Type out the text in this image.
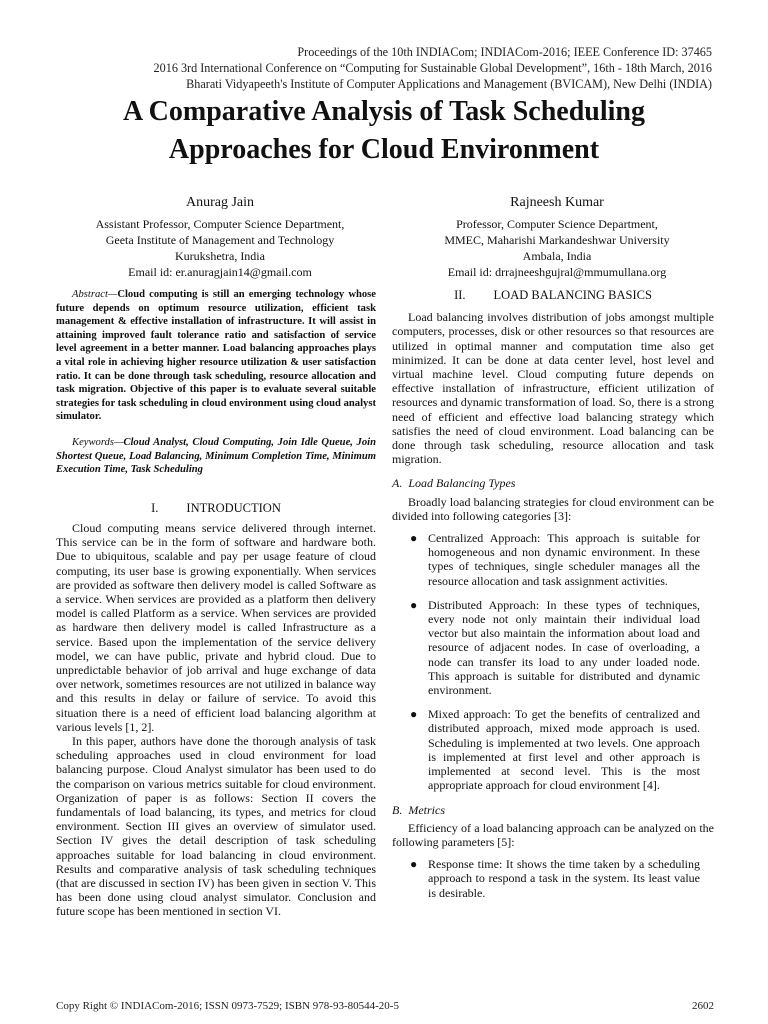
Proceedings of the 10th INDIACom; INDIACom-2016; IEEE Conference ID: 37465
2016 3rd International Conference on “Computing for Sustainable Global Development”, 16th - 18th March, 2016
Bharati Vidyapeeth's Institute of Computer Applications and Management (BVICAM), New Delhi (INDIA)
A Comparative Analysis of Task Scheduling
Approaches for Cloud Environment
Anurag Jain
Assistant Professor, Computer Science Department,
Geeta Institute of Management and Technology
Kurukshetra, India
Email id: er.anuragjain14@gmail.com
Rajneesh Kumar
Professor, Computer Science Department,
MMEC, Maharishi Markandeshwar University
Ambala, India
Email id: drrajneeshgujral@mmumullana.org

Abstract—Cloud computing is still an emerging technology whose future depends on optimum resource utilization, efficient task management & effective installation of infrastructure. It will assist in attaining improved fault tolerance ratio and satisfaction of service level agreement in a better manner. Load balancing approaches plays a vital role in achieving higher resource utilization & user satisfaction ratio. It can be done through task scheduling, resource allocation and task migration. Objective of this paper is to evaluate several suitable strategies for task scheduling in cloud environment using cloud analyst simulator.

Keywords—Cloud Analyst, Cloud Computing, Join Idle Queue, Join Shortest Queue, Load Balancing, Minimum Completion Time, Minimum Execution Time, Task Scheduling

I. INTRODUCTION

Cloud computing means service delivered through internet. This service can be in the form of software and hardware both. Due to ubiquitous, scalable and pay per usage feature of cloud computing, its user base is growing exponentially. When services are provided as software then delivery model is called Software as a service. When services are provided as a platform then delivery model is called Platform as a service. When services are provided as hardware then delivery model is called Infrastructure as a service. Based upon the implementation of the service delivery model, we can have public, private and hybrid cloud. Due to unpredictable behavior of job arrival and huge exchange of data over network, sometimes resources are not utilized in balance way and this results in delay or failure of service. To avoid this situation there is a need of efficient load balancing algorithm at various levels [1, 2].

In this paper, authors have done the thorough analysis of task scheduling approaches used in cloud environment for load balancing purpose. Cloud Analyst simulator has been used to do the comparison on various metrics suitable for cloud environment. Organization of paper is as follows: Section II covers the fundamentals of load balancing, its types, and metrics for cloud environment. Section III gives an overview of simulator used. Section IV gives the detail description of task scheduling approaches suitable for load balancing in cloud environment. Results and comparative analysis of task scheduling techniques (that are discussed in section IV) has been given in section V. This has been done using cloud analyst simulator. Conclusion and future scope has been mentioned in section VI.

II. LOAD BALANCING BASICS

Load balancing involves distribution of jobs amongst multiple computers, processes, disk or other resources so that resources are utilized in optimal manner and computation time also get minimized. It can be done at data center level, host level and virtual machine level. Cloud computing future depends on effective installation of infrastructure, efficient utilization of resources and dynamic transformation of load. So, there is a strong need of efficient and effective load balancing strategy which satisfies the need of cloud environment. Load balancing can be done through task scheduling, resource allocation and task migration.

A. Load Balancing Types

Broadly load balancing strategies for cloud environment can be divided into following categories [3]:

● Centralized Approach: This approach is suitable for homogeneous and non dynamic environment. In these types of techniques, single scheduler manages all the resource allocation and task assignment activities.
● Distributed Approach: In these types of techniques, every node not only maintain their individual load vector but also maintain the information about load and resource of adjacent nodes. In case of overloading, a node can transfer its load to any under loaded node. This approach is suitable for distributed and dynamic environment.
● Mixed approach: To get the benefits of centralized and distributed approach, mixed mode approach is used. Scheduling is implemented at two levels. One approach is implemented at first level and other approach is implemented at second level. This is the most appropriate approach for cloud environment [4].
B. Metrics

Efficiency of a load balancing approach can be analyzed on the following parameters [5]:

● Response time: It shows the time taken by a scheduling approach to respond a task in the system. Its least value is desirable.
Copy Right © INDIACom-2016; ISSN 0973-7529; ISBN 978-93-80544-20-5	2602
